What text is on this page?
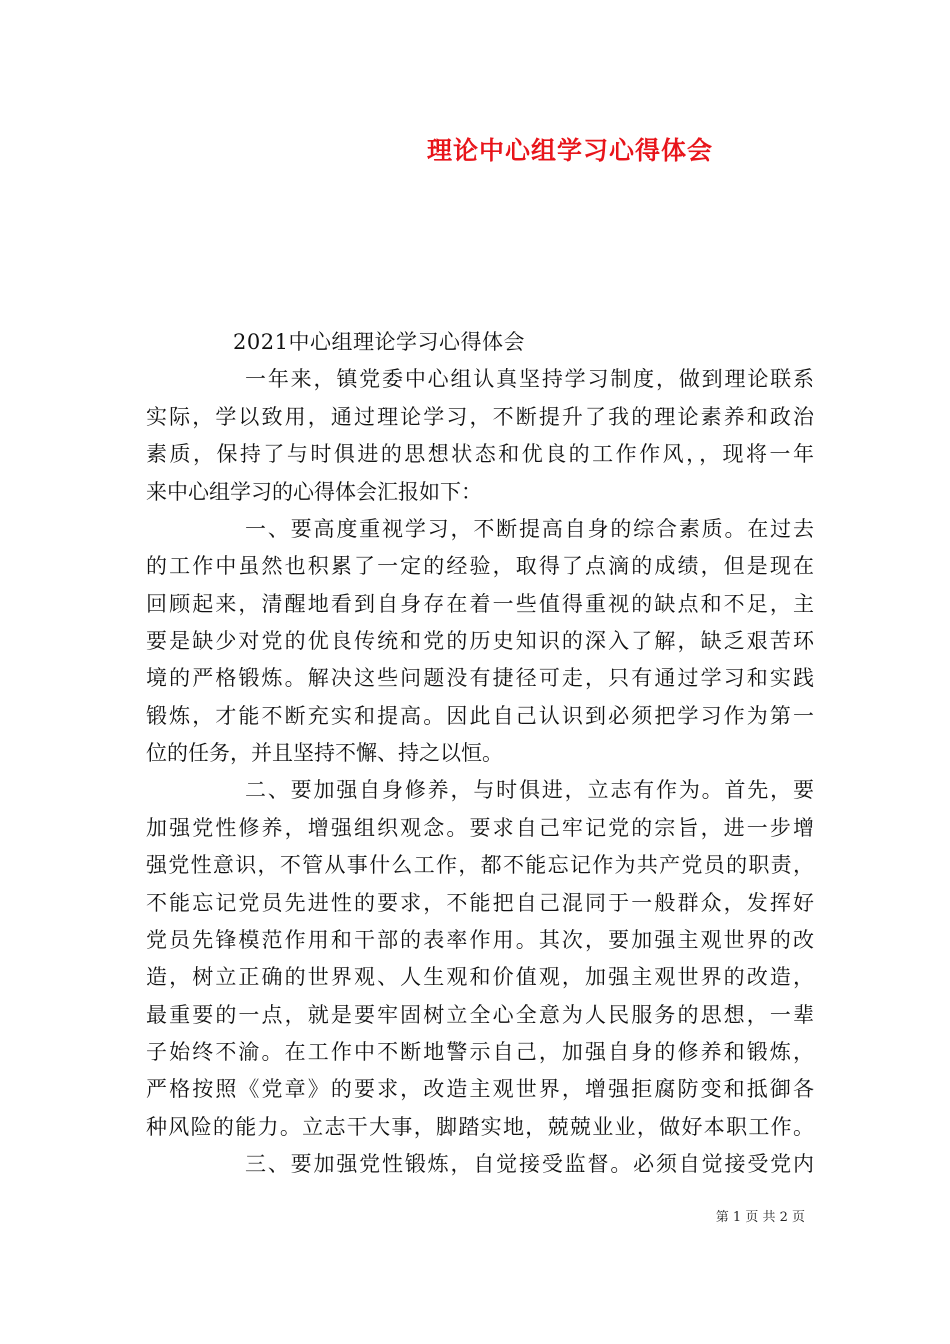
理论中心组学习心得体会
2021中心组理论学习心得体会
一年来，镇党委中心组认真坚持学习制度，做到理论联系
实际，学以致用，通过理论学习，不断提升了我的理论素养和政治
素质，保持了与时俱进的思想状态和优良的工作作风，，现将一年
来中心组学习的心得体会汇报如下：
一、要高度重视学习，不断提高自身的综合素质。在过去
的工作中虽然也积累了一定的经验，取得了点滴的成绩，但是现在
回顾起来，清醒地看到自身存在着一些值得重视的缺点和不足，主
要是缺少对党的优良传统和党的历史知识的深入了解，缺乏艰苦环
境的严格锻炼。解决这些问题没有捷径可走，只有通过学习和实践
锻炼，才能不断充实和提高。因此自己认识到必须把学习作为第一
位的任务，并且坚持不懈、持之以恒。
二、要加强自身修养，与时俱进，立志有作为。首先，要
加强党性修养，增强组织观念。要求自己牢记党的宗旨，进一步增
强党性意识，不管从事什么工作，都不能忘记作为共产党员的职责，
不能忘记党员先进性的要求，不能把自己混同于一般群众，发挥好
党员先锋模范作用和干部的表率作用。其次，要加强主观世界的改
造，树立正确的世界观、人生观和价值观，加强主观世界的改造，
最重要的一点，就是要牢固树立全心全意为人民服务的思想，一辈
子始终不渝。在工作中不断地警示自己，加强自身的修养和锻炼，
严格按照《党章》的要求，改造主观世界，增强拒腐防变和抵御各
种风险的能力。立志干大事，脚踏实地，兢兢业业，做好本职工作。
三、要加强党性锻炼，自觉接受监督。必须自觉接受党内
第 1 页 共 2 页
